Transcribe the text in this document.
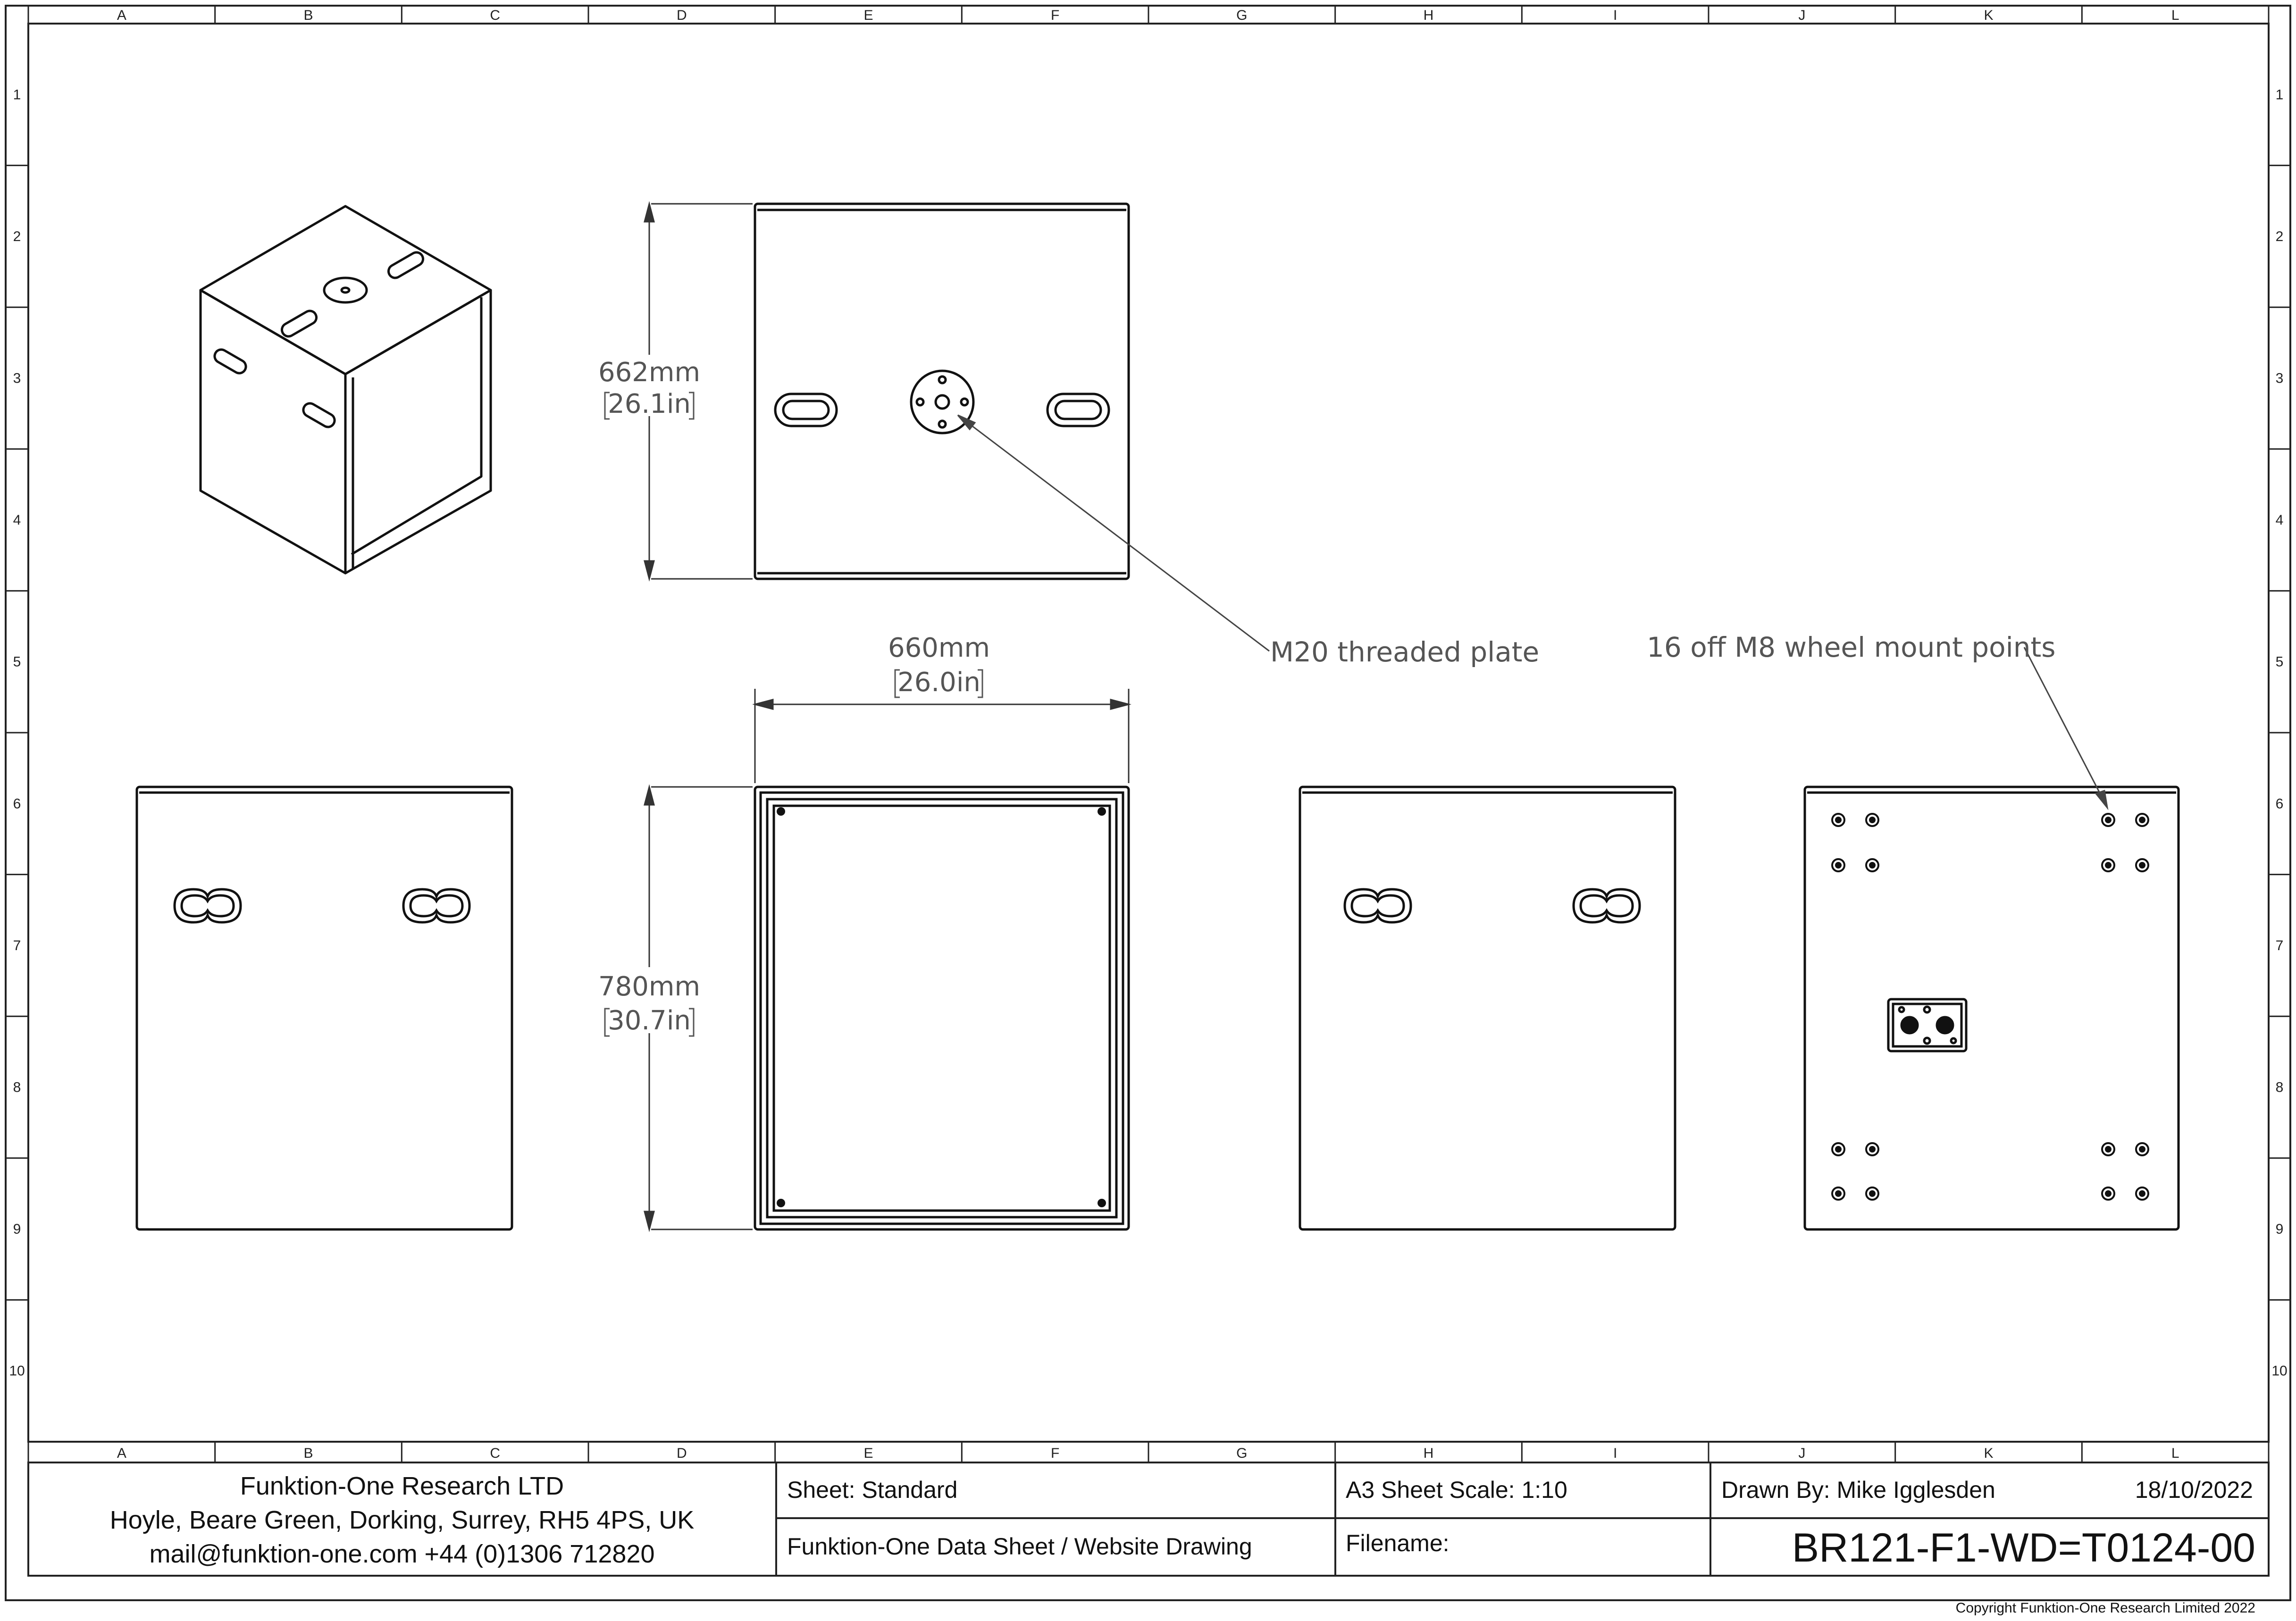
A
A
B
B
C
C
D
D
E
E
F
F
G
G
H
H
I
I
J
J
K
K
L
L
1	1
2	2
3	3
4	4
5	5
6	6
7	7
8	8
9	9
10	10
662mm
26.1in
660mm
26.0in
780mm
30.7in
M20 threaded plate	16 off M8 wheel mount points
Funktion-One Research LTD
Hoyle, Beare Green, Dorking, Surrey, RH5 4PS, UK
mail@funktion-one.com +44 (0)1306 712820
Sheet: Standard
Funktion-One Data Sheet / Website Drawing
A3 Sheet Scale: 1:10
Filename:
Drawn By: Mike Igglesden	18/10/2022
BR121-F1-WD=T0124-00
Copyright Funktion-One Research Limited 2022
